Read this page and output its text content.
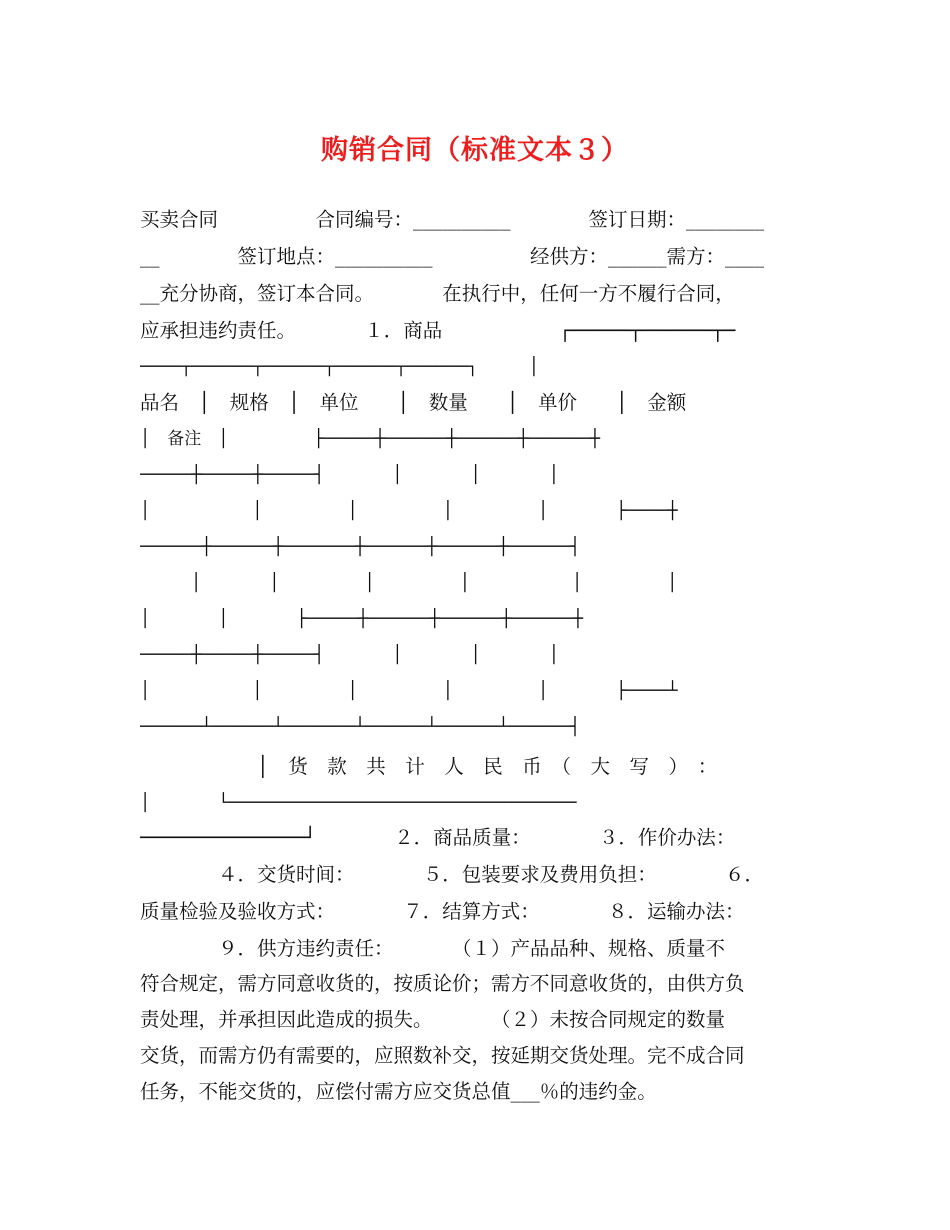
购销合同（标准文本３）
买卖合同　　　　　合同编号：__________　　　　签订日期：________
__　　　　签订地点：__________　　　　　经供方：______需方：____
__充分协商，签订本合同。　　　　在执行中，任何一方不履行合同，
应承担违约责任。　　　　１．商品　　　　　　┌─────┬──────┬─
────┬──────┬──────┬──────┬──────┐　　　│
品名　│　规格　│　单位　　│　数量　　│　单价　　│　金额
│　备注　│　　　　　├─────┼──────┼──────┼──────┼
─────┼─────┼─────┤　　　　│　　　　│　　　　│
│　　　　　　│　　　　　│　　　　　│　　　　　│　　　　├────┼
──────┼──────┼───────┼──────┼──────┼──────┤
　　　│　　　　│　　　　　│　　　　　│　　　　　　│　　　　　│
│　　　　│　　　　├─────┼──────┼──────┼──────┼
─────┼─────┼─────┤　　　　│　　　　│　　　　│
│　　　　　　│　　　　　│　　　　　│　　　　　│　　　　├────┴
──────┴──────┴───────┴──────┴──────┴──────┤
　　　　　　│　货　款　共　计　人　民　币　（　大　写　）　：
│　　　　└──────────────────────────────────
──────────────┘　　　　２．商品质量：　　　　３．作价办法：
　　　　４．交货时间：　　　　５．包装要求及费用负担：　　　　６．
质量检验及验收方式：　　　　７．结算方式：　　　　８．运输办法：
　　　　９．供方违约责任：　　　　（１）产品品种、规格、质量不
符合规定，需方同意收货的，按质论价；需方不同意收货的，由供方负
责处理，并承担因此造成的损失。　　　　（２）未按合同规定的数量
交货，而需方仍有需要的，应照数补交，按延期交货处理。完不成合同
任务，不能交货的，应偿付需方应交货总值___％的违约金。
